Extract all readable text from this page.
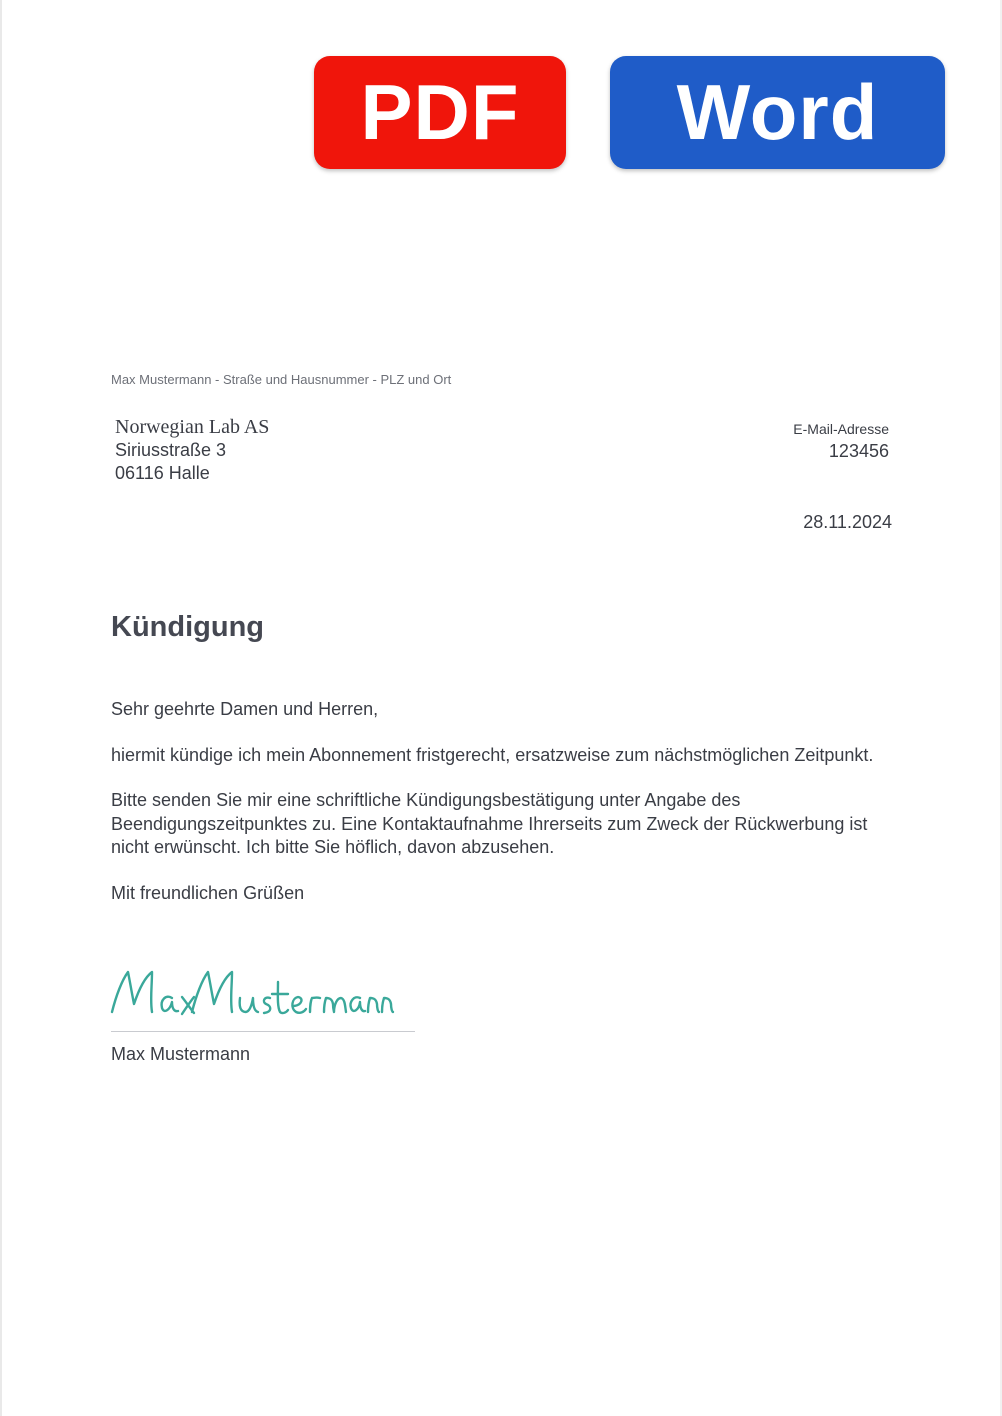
PDF	Word
Max Mustermann - Straße und Hausnummer - PLZ und Ort
Norwegian Lab AS
Siriusstraße 3
06116 Halle
E-Mail-Adresse
123456
28.11.2024
Kündigung

Sehr geehrte Damen und Herren,

hiermit kündige ich mein Abonnement fristgerecht, ersatzweise zum nächstmöglichen Zeitpunkt.

Bitte senden Sie mir eine schriftliche Kündigungsbestätigung unter Angabe des Beendigungszeitpunktes zu. Eine Kontaktaufnahme Ihrerseits zum Zweck der Rückwerbung ist nicht erwünscht. Ich bitte Sie höflich, davon abzusehen.

Mit freundlichen Grüßen

Max Mustermann
